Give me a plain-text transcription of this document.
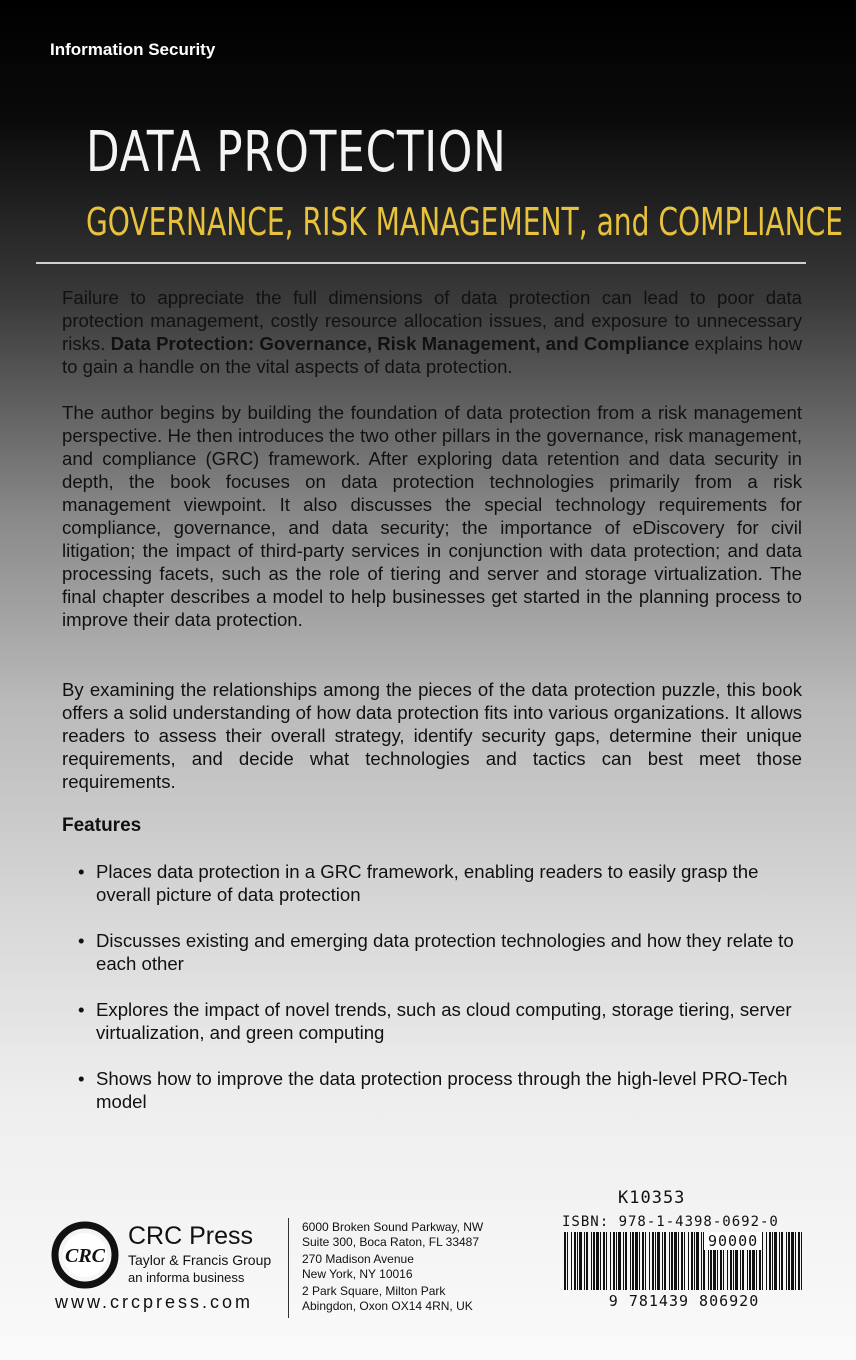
Information Security
DATA PROTECTION
GOVERNANCE, RISK MANAGEMENT, and COMPLIANCE
Failure to appreciate the full dimensions of data protection can lead to poor data protection management, costly resource allocation issues, and exposure to unnecessary risks. Data Protection: Governance, Risk Management, and Compliance explains how to gain a handle on the vital aspects of data protection.
The author begins by building the foundation of data protection from a risk management perspective. He then introduces the two other pillars in the governance, risk management, and compliance (GRC) framework. After exploring data retention and data security in depth, the book focuses on data protection technologies primarily from a risk management viewpoint. It also discusses the special technology requirements for compliance, governance, and data security; the importance of eDiscovery for civil litigation; the impact of third-party services in conjunction with data protection; and data processing facets, such as the role of tiering and server and storage virtualization. The final chapter describes a model to help businesses get started in the planning process to improve their data protection.
By examining the relationships among the pieces of the data protection puzzle, this book offers a solid understanding of how data protection fits into various organizations. It allows readers to assess their overall strategy, identify security gaps, determine their unique requirements, and decide what technologies and tactics can best meet those requirements.
Features
• Places data protection in a GRC framework, enabling readers to easily grasp the overall picture of data protection
• Discusses existing and emerging data protection technologies and how they relate to each other
• Explores the impact of novel trends, such as cloud computing, storage tiering, server virtualization, and green computing
• Shows how to improve the data protection process through the high-level PRO-Tech model
CRC
CRC Press
Taylor & Francis Group
an informa business
www.crcpress.com
6000 Broken Sound Parkway, NW
Suite 300, Boca Raton, FL 33487
270 Madison Avenue
New York, NY 10016
2 Park Square, Milton Park
Abingdon, Oxon OX14 4RN, UK
K10353
ISBN: 978-1-4398-0692-0
90000
9 781439 806920
